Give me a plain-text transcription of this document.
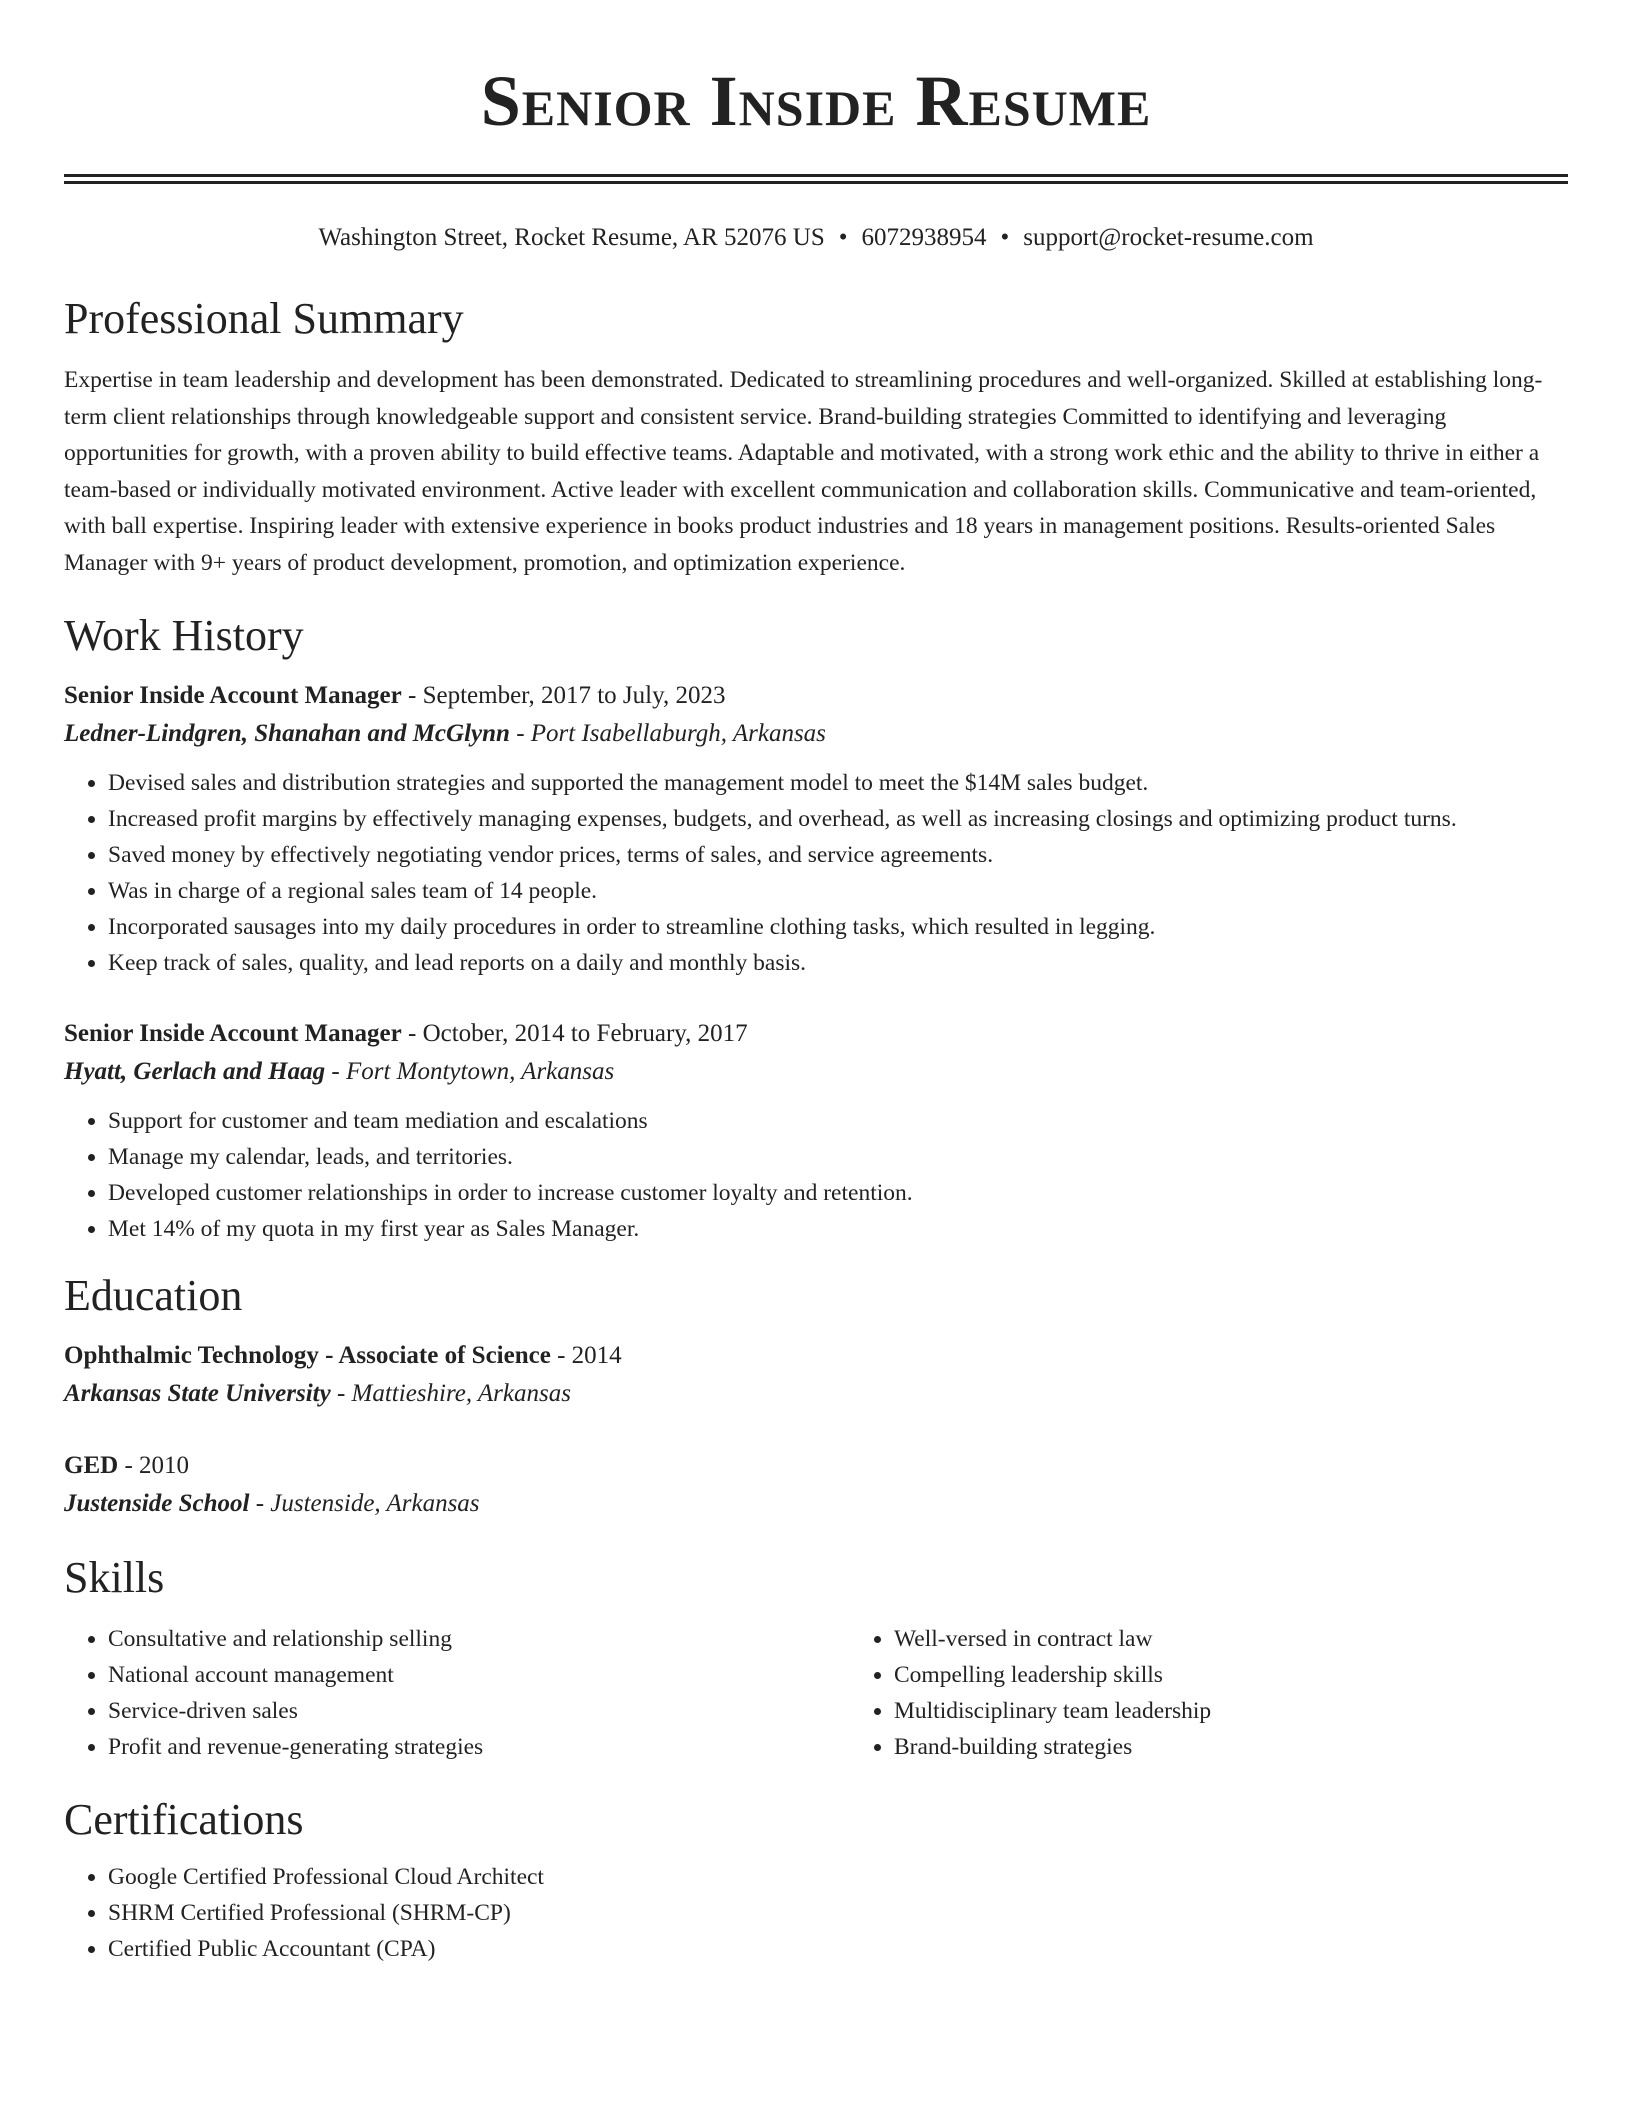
Senior Inside Resume
Washington Street, Rocket Resume, AR 52076 US • 6072938954 • support@rocket-resume.com
Professional Summary

Expertise in team leadership and development has been demonstrated. Dedicated to streamlining procedures and well-organized. Skilled at establishing long-term client relationships through knowledgeable support and consistent service. Brand-building strategies Committed to identifying and leveraging opportunities for growth, with a proven ability to build effective teams. Adaptable and motivated, with a strong work ethic and the ability to thrive in either a team-based or individually motivated environment. Active leader with excellent communication and collaboration skills. Communicative and team-oriented, with ball expertise. Inspiring leader with extensive experience in books product industries and 18 years in management positions. Results-oriented Sales Manager with 9+ years of product development, promotion, and optimization experience.

Work History
Senior Inside Account Manager - September, 2017 to July, 2023
Ledner-Lindgren, Shanahan and McGlynn - Port Isabellaburgh, Arkansas
• Devised sales and distribution strategies and supported the management model to meet the $14M sales budget.
• Increased profit margins by effectively managing expenses, budgets, and overhead, as well as increasing closings and optimizing product turns.
• Saved money by effectively negotiating vendor prices, terms of sales, and service agreements.
• Was in charge of a regional sales team of 14 people.
• Incorporated sausages into my daily procedures in order to streamline clothing tasks, which resulted in legging.
• Keep track of sales, quality, and lead reports on a daily and monthly basis.
Senior Inside Account Manager - October, 2014 to February, 2017
Hyatt, Gerlach and Haag - Fort Montytown, Arkansas
• Support for customer and team mediation and escalations
• Manage my calendar, leads, and territories.
• Developed customer relationships in order to increase customer loyalty and retention.
• Met 14% of my quota in my first year as Sales Manager.
Education
Ophthalmic Technology - Associate of Science - 2014
Arkansas State University - Mattieshire, Arkansas
GED - 2010
Justenside School - Justenside, Arkansas
Skills
• Consultative and relationship selling
• National account management
• Service-driven sales
• Profit and revenue-generating strategies
• Well-versed in contract law
• Compelling leadership skills
• Multidisciplinary team leadership
• Brand-building strategies
Certifications
• Google Certified Professional Cloud Architect
• SHRM Certified Professional (SHRM-CP)
• Certified Public Accountant (CPA)
